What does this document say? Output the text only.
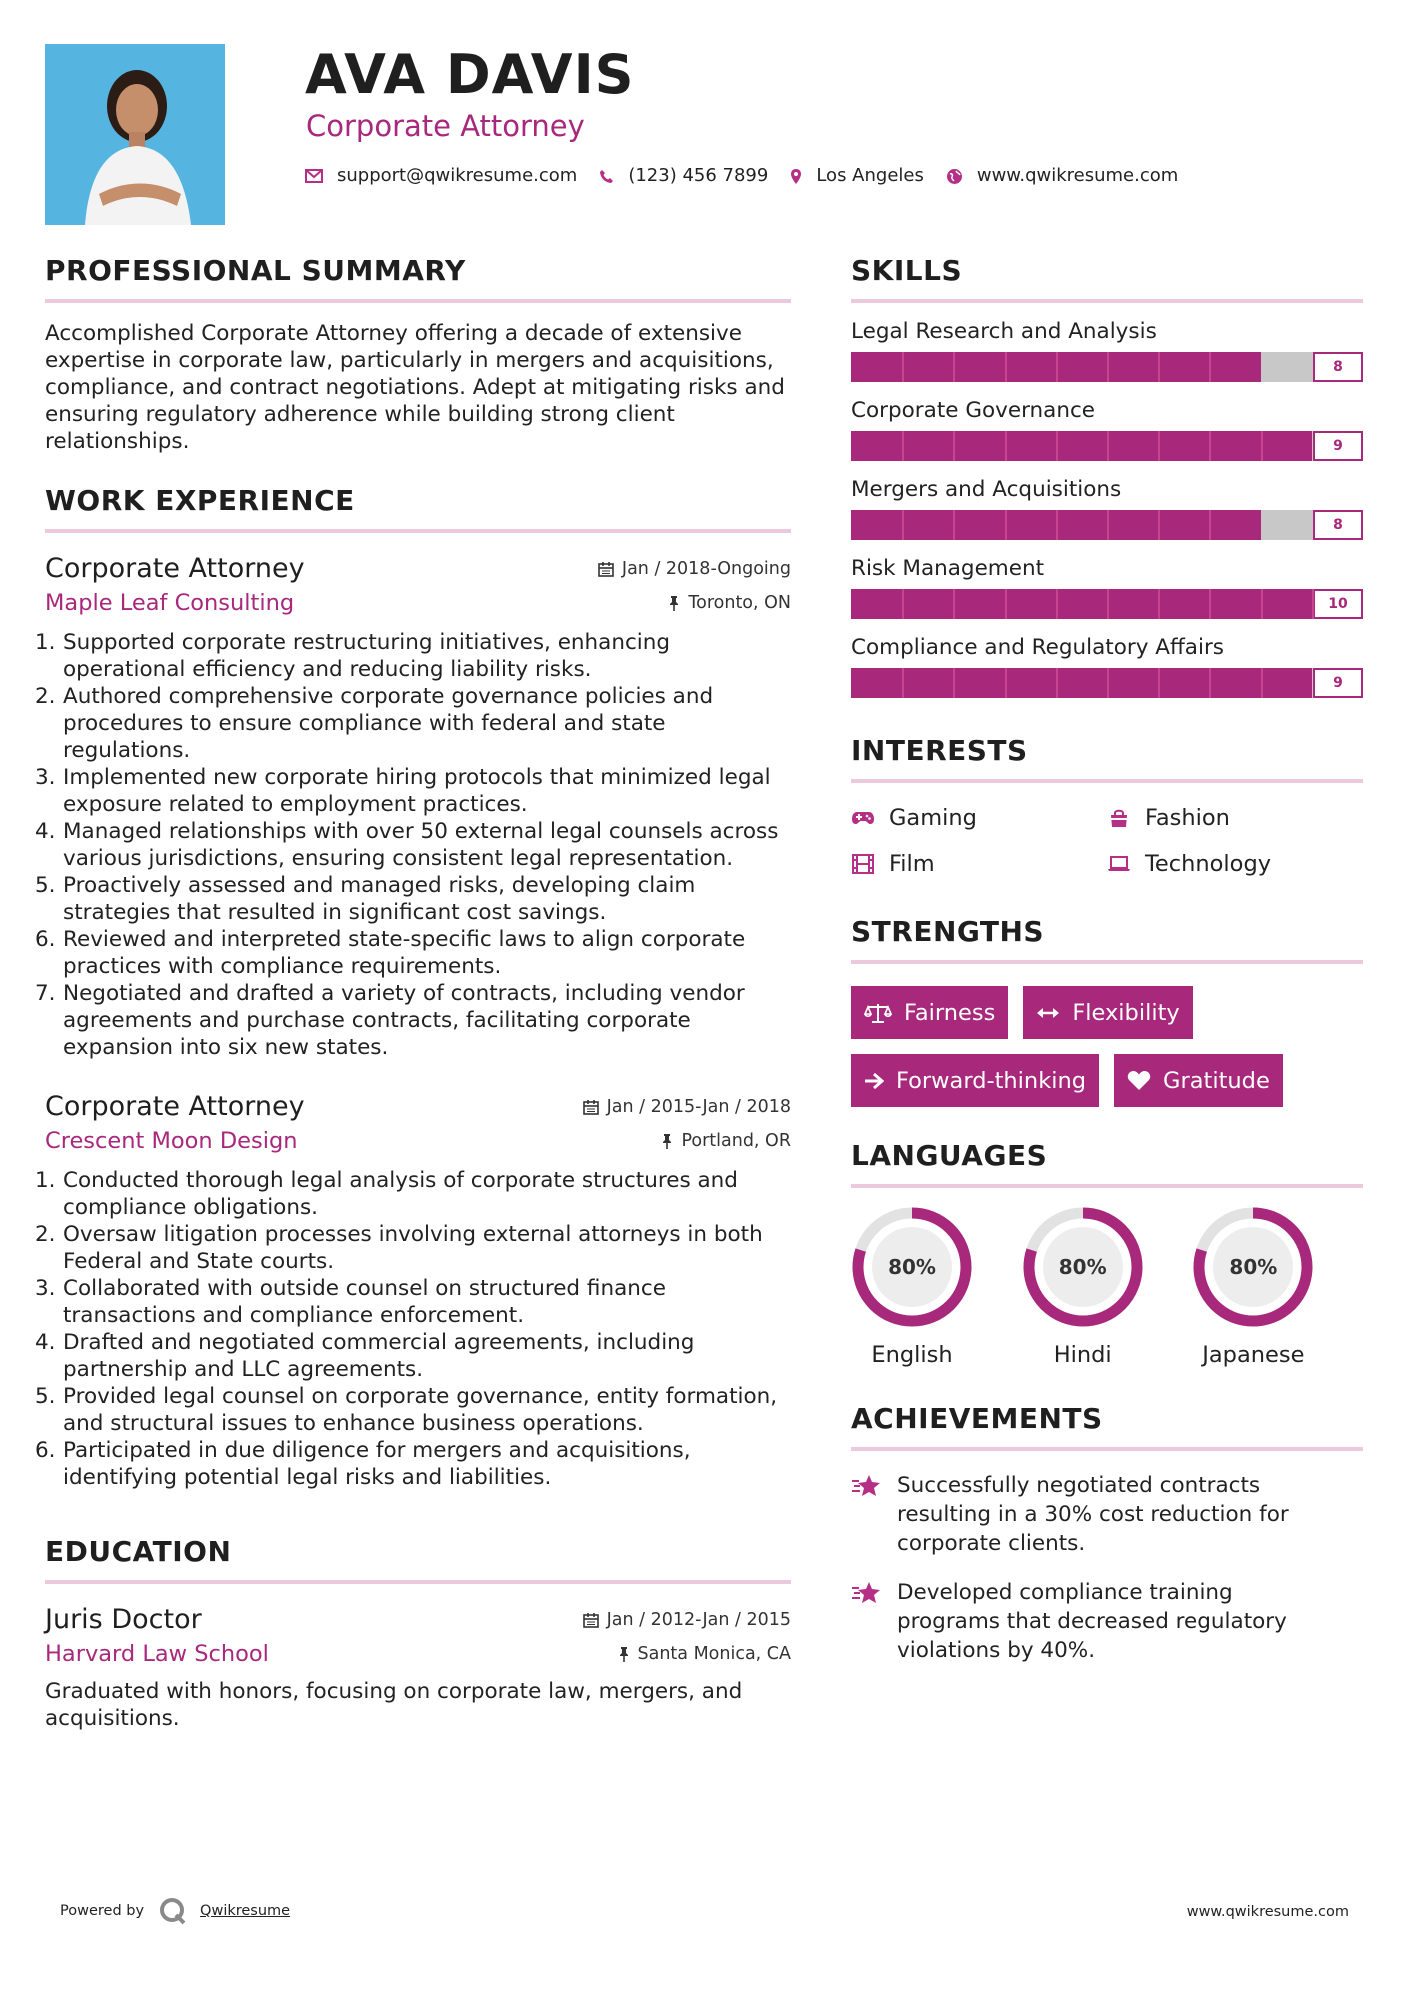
AVA DAVIS
Corporate Attorney
support@qwikresume.com	(123) 456 7899	Los Angeles	www.qwikresume.com
PROFESSIONAL SUMMARY

Accomplished Corporate Attorney offering a decade of extensive expertise in corporate law, particularly in mergers and acquisitions, compliance, and contract negotiations. Adept at mitigating risks and ensuring regulatory adherence while building strong client relationships.

WORK EXPERIENCE
Corporate Attorney	Jan / 2018-Ongoing
Maple Leaf Consulting	Toronto, ON
1. Supported corporate restructuring initiatives, enhancing operational efficiency and reducing liability risks.
2. Authored comprehensive corporate governance policies and procedures to ensure compliance with federal and state regulations.
3. Implemented new corporate hiring protocols that minimized legal exposure related to employment practices.
4. Managed relationships with over 50 external legal counsels across various jurisdictions, ensuring consistent legal representation.
5. Proactively assessed and managed risks, developing claim strategies that resulted in significant cost savings.
6. Reviewed and interpreted state-specific laws to align corporate practices with compliance requirements.
7. Negotiated and drafted a variety of contracts, including vendor agreements and purchase contracts, facilitating corporate expansion into six new states.
Corporate Attorney	Jan / 2015-Jan / 2018
Crescent Moon Design	Portland, OR
1. Conducted thorough legal analysis of corporate structures and compliance obligations.
2. Oversaw litigation processes involving external attorneys in both Federal and State courts.
3. Collaborated with outside counsel on structured finance transactions and compliance enforcement.
4. Drafted and negotiated commercial agreements, including partnership and LLC agreements.
5. Provided legal counsel on corporate governance, entity formation, and structural issues to enhance business operations.
6. Participated in due diligence for mergers and acquisitions, identifying potential legal risks and liabilities.
EDUCATION
Juris Doctor	Jan / 2012-Jan / 2015
Harvard Law School	Santa Monica, CA

Graduated with honors, focusing on corporate law, mergers, and acquisitions.

SKILLS
Legal Research and Analysis
8
Corporate Governance
9
Mergers and Acquisitions
8
Risk Management
10
Compliance and Regulatory Affairs
9
INTERESTS
Gaming	Fashion
Film	Technology
STRENGTHS
Fairness	Flexibility
Forward-thinking	Gratitude
LANGUAGES
80%
English
80%
Hindi
80%
Japanese
ACHIEVEMENTS
Successfully negotiated contracts resulting in a 30% cost reduction for corporate clients.
Developed compliance training programs that decreased regulatory violations by 40%.
Powered by	Qwikresume	www.qwikresume.com
